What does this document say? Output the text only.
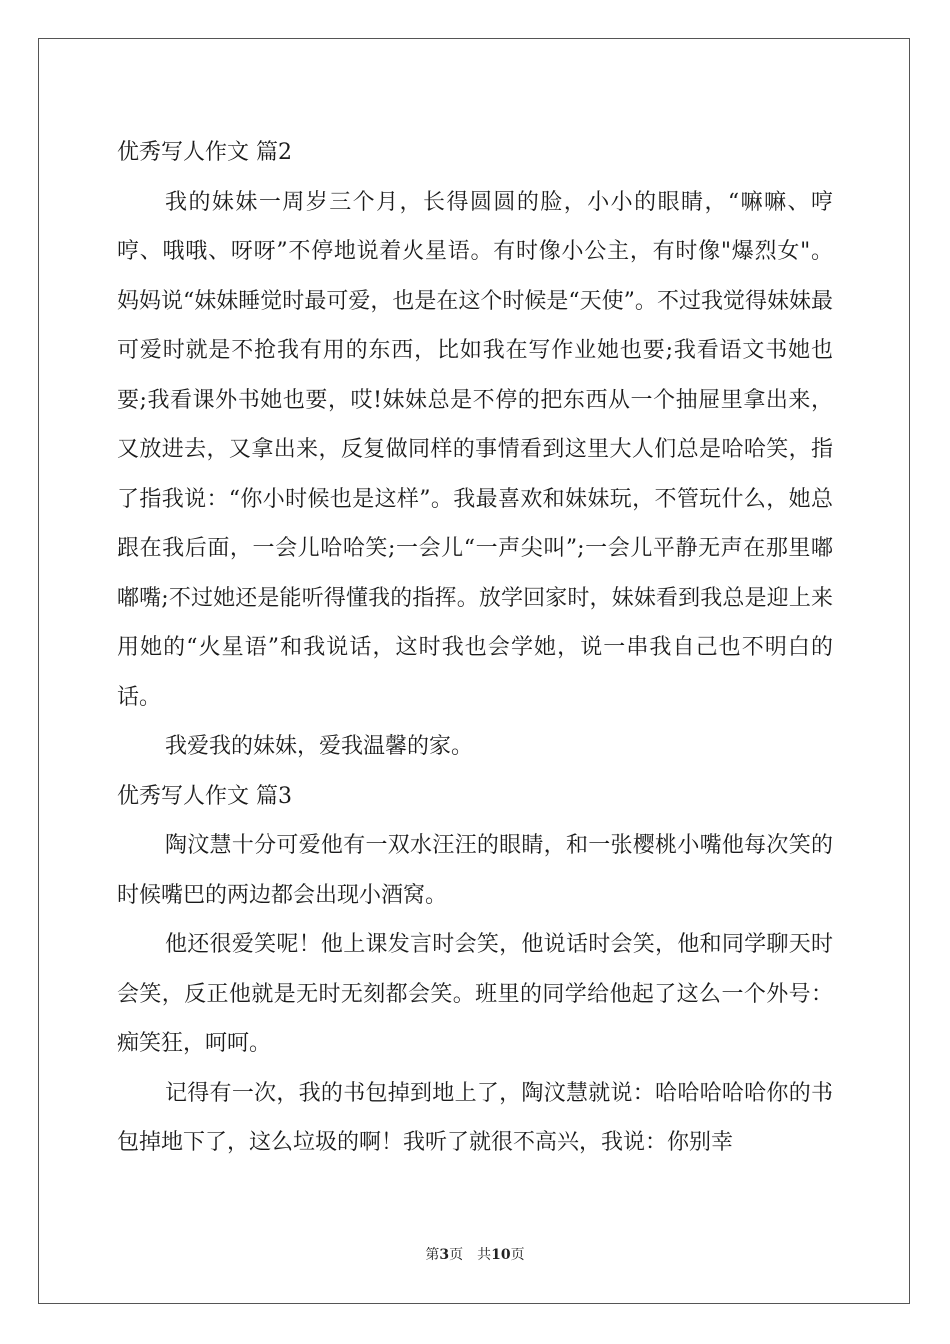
优秀写人作文 篇2

我的妹妹一周岁三个月，长得圆圆的脸，小小的眼睛，“嘛嘛、哼哼、哦哦、呀呀”不停地说着火星语。有时像小公主，有时像"爆烈女"。 妈妈说“妹妹睡觉时最可爱，也是在这个时候是“天使”。不过我觉得妹妹最可爱时就是不抢我有用的东西，比如我在写作业她也要;我看语文书她也要;我看课外书她也要，哎!妹妹总是不停的把东西从一个抽屉里拿出来，又放进去，又拿出来，反复做同样的事情看到这里大人们总是哈哈笑，指了指我说：“你小时候也是这样”。我最喜欢和妹妹玩，不管玩什么，她总跟在我后面，一会儿哈哈笑;一会儿“一声尖叫”;一会儿平静无声在那里嘟嘟嘴;不过她还是能听得懂我的指挥。放学回家时，妹妹看到我总是迎上来用她的“火星语”和我说话，这时我也会学她，说一串我自己也不明白的话。

我爱我的妹妹，爱我温馨的家。

优秀写人作文 篇3

陶汶慧十分可爱他有一双水汪汪的眼睛，和一张樱桃小嘴他每次笑的时候嘴巴的两边都会出现小酒窝。

他还很爱笑呢！他上课发言时会笑，他说话时会笑，他和同学聊天时会笑，反正他就是无时无刻都会笑。班里的同学给他起了这么一个外号：痴笑狂，呵呵。

记得有一次，我的书包掉到地上了，陶汶慧就说：哈哈哈哈哈你的书包掉地下了，这么垃圾的啊！我听了就很不高兴，我说：你别幸

第3页　共10页
